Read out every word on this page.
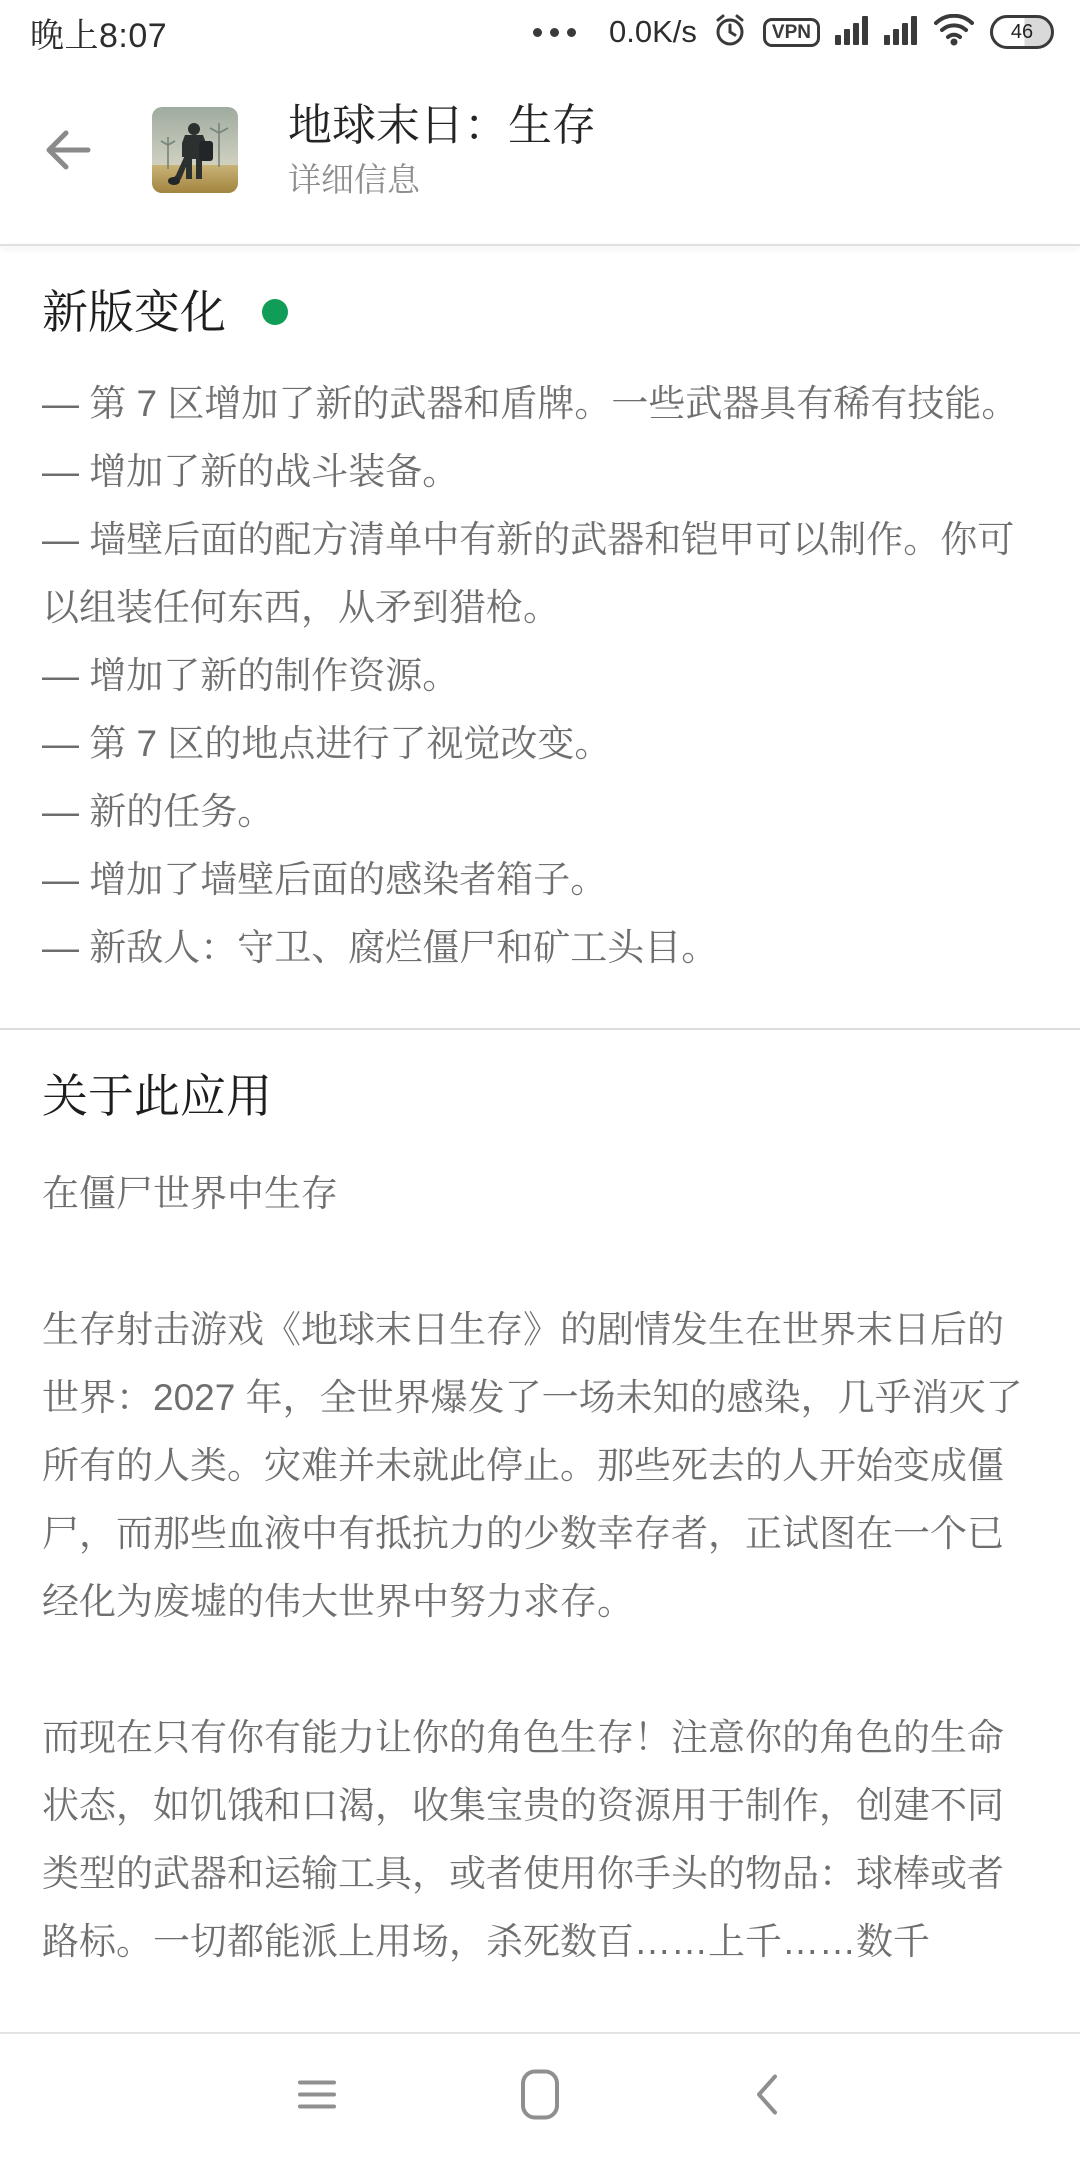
晚上8:07	0.0K/s	VPN	46
地球末日：生存
详细信息
新版变化
— 第 7 区增加了新的武器和盾牌。一些武器具有稀有技能。
— 增加了新的战斗装备。
— 墙壁后面的配方清单中有新的武器和铠甲可以制作。你可以组装任何东西，从矛到猎枪。
— 增加了新的制作资源。
— 第 7 区的地点进行了视觉改变。
— 新的任务。
— 增加了墙壁后面的感染者箱子。
— 新敌人：守卫、腐烂僵尸和矿工头目。
关于此应用
在僵尸世界中生存
生存射击游戏《地球末日生存》的剧情发生在世界末日后的世界：2027 年，全世界爆发了一场未知的感染，几乎消灭了所有的人类。灾难并未就此停止。那些死去的人开始变成僵尸，而那些血液中有抵抗力的少数幸存者，正试图在一个已经化为废墟的伟大世界中努力求存。
而现在只有你有能力让你的角色生存！注意你的角色的生命状态，如饥饿和口渴，收集宝贵的资源用于制作，创建不同类型的武器和运输工具，或者使用你手头的物品：球棒或者路标。一切都能派上用场，杀死数百……上千……数千
